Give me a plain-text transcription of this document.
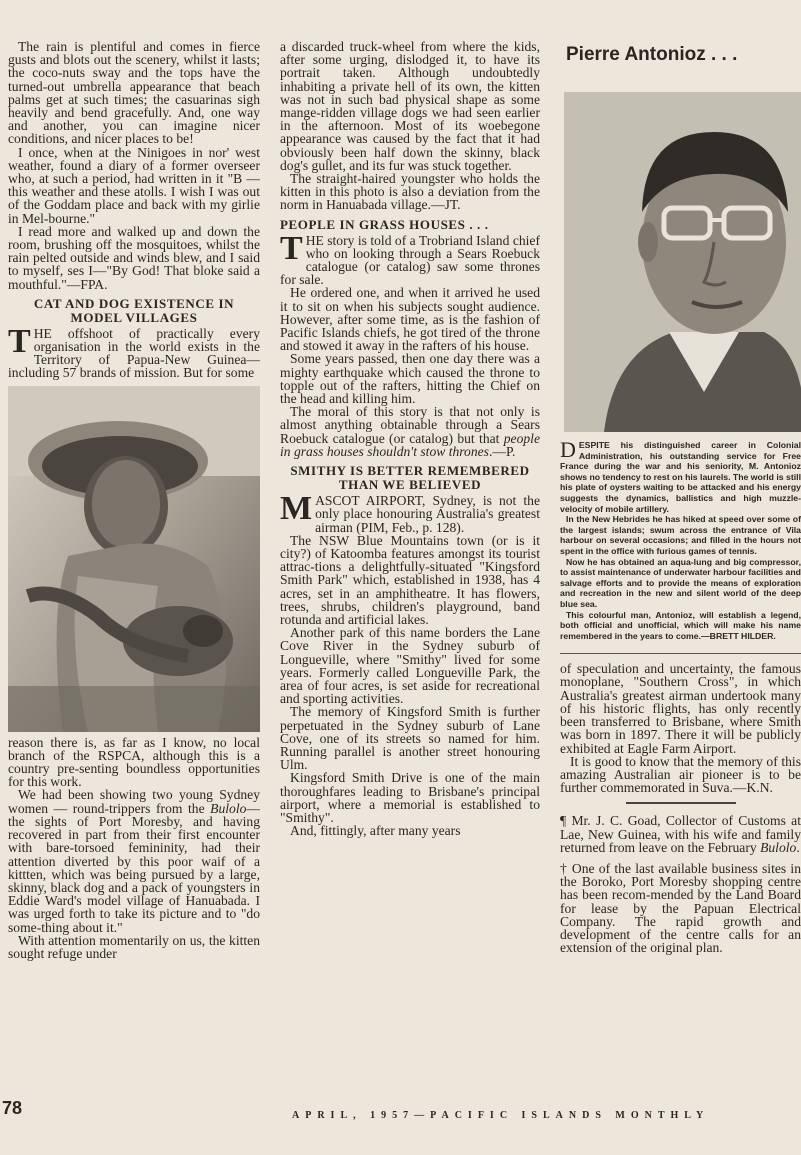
The rain is plentiful and comes in fierce gusts and blots out the scenery, whilst it lasts; the coco-nuts sway and the tops have the turned-out umbrella appearance that beach palms get at such times; the casuarinas sigh heavily and bend gracefully. And, one way and another, you can imagine nicer conditions, and nicer places to be!

I once, when at the Ninigoes in nor' west weather, found a diary of a former overseer who, at such a period, had written in it "B — this weather and these atolls. I wish I was out of the Goddam place and back with my girlie in Mel-bourne."

I read more and walked up and down the room, brushing off the mosquitoes, whilst the rain pelted outside and winds blew, and I said to myself, ses I—"By God! That bloke said a mouthful."—FPA.

CAT AND DOG EXISTENCE IN MODEL VILLAGES

THE offshoot of practically every organisation in the world exists in the Territory of Papua-New Guinea—including 57 brands of mission. But for some

reason there is, as far as I know, no local branch of the RSPCA, although this is a country pre-senting boundless opportunities for this work.

We had been showing two young Sydney women — round-trippers from the Bulolo—the sights of Port Moresby, and having recovered in part from their first encounter with bare-torsoed femininity, had their attention diverted by this poor waif of a kittten, which was being pursued by a large, skinny, black dog and a pack of youngsters in Eddie Ward's model village of Hanuabada. I was urged forth to take its picture and to "do some-thing about it."

With attention momentarily on us, the kitten sought refuge under

a discarded truck-wheel from where the kids, after some urging, dislodged it, to have its portrait taken. Although undoubtedly inhabiting a private hell of its own, the kitten was not in such bad physical shape as some mange-ridden village dogs we had seen earlier in the afternoon. Most of its woebegone appearance was caused by the fact that it had obviously been half down the skinny, black dog's gullet, and its fur was stuck together.

The straight-haired youngster who holds the kitten in this photo is also a deviation from the norm in Hanuabada village.—JT.

PEOPLE IN GRASS HOUSES . . .

THE story is told of a Trobriand Island chief who on looking through a Sears Roebuck catalogue (or catalog) saw some thrones for sale.

He ordered one, and when it arrived he used it to sit on when his subjects sought audience. However, after some time, as is the fashion of Pacific Islands chiefs, he got tired of the throne and stowed it away in the rafters of his house.

Some years passed, then one day there was a mighty earthquake which caused the throne to topple out of the rafters, hitting the Chief on the head and killing him.

The moral of this story is that not only is almost anything obtainable through a Sears Roebuck catalogue (or catalog) but that people in grass houses shouldn't stow thrones.—P.

SMITHY IS BETTER REMEMBERED THAN WE BELIEVED

MASCOT AIRPORT, Sydney, is not the only place honouring Australia's greatest airman (PIM, Feb., p. 128).

The NSW Blue Mountains town (or is it city?) of Katoomba features amongst its tourist attrac-tions a delightfully-situated "Kingsford Smith Park" which, established in 1938, has 4 acres, set in an amphitheatre. It has flowers, trees, shrubs, children's playground, band rotunda and artificial lakes.

Another park of this name borders the Lane Cove River in the Sydney suburb of Longueville, where "Smithy" lived for some years. Formerly called Longueville Park, the area of four acres, is set aside for recreational and sporting activities.

The memory of Kingsford Smith is further perpetuated in the Sydney suburb of Lane Cove, one of its streets so named for him. Running parallel is another street honouring Ulm.

Kingsford Smith Drive is one of the main thoroughfares leading to Brisbane's principal airport, where a memorial is established to "Smithy".

And, fittingly, after many years

Pierre Antonioz . . .

DESPITE his distinguished career in Colonial Administration, his outstanding service for Free France during the war and his seniority, M. Antonioz shows no tendency to rest on his laurels. The world is still his plate of oysters waiting to be attacked and his energy suggests the dynamics, ballistics and high muzzle-velocity of mobile artillery.

In the New Hebrides he has hiked at speed over some of the largest islands; swum across the entrance of Vila harbour on several occasions; and filled in the hours not spent in the office with furious games of tennis.

Now he has obtained an aqua-lung and big compressor, to assist maintenance of underwater harbour facilities and salvage efforts and to provide the means of exploration and recreation in the new and silent world of the deep blue sea.

This colourful man, Antonioz, will establish a legend, both official and unofficial, which will make his name remembered in the years to come.—BRETT HILDER.

of speculation and uncertainty, the famous monoplane, "Southern Cross", in which Australia's greatest airman undertook many of his historic flights, has only recently been transferred to Brisbane, where Smith was born in 1897. There it will be publicly exhibited at Eagle Farm Airport.

It is good to know that the memory of this amazing Australian air pioneer is to be further commemorated in Suva.—K.N.

¶ Mr. J. C. Goad, Collector of Customs at Lae, New Guinea, with his wife and family returned from leave on the February Bulolo.

† One of the last available business sites in the Boroko, Port Moresby shopping centre has been recom-mended by the Land Board for lease by the Papuan Electrical Company. The rapid growth and development of the centre calls for an extension of the original plan.

78	APRIL, 1957—PACIFIC ISLANDS MONTHLY
